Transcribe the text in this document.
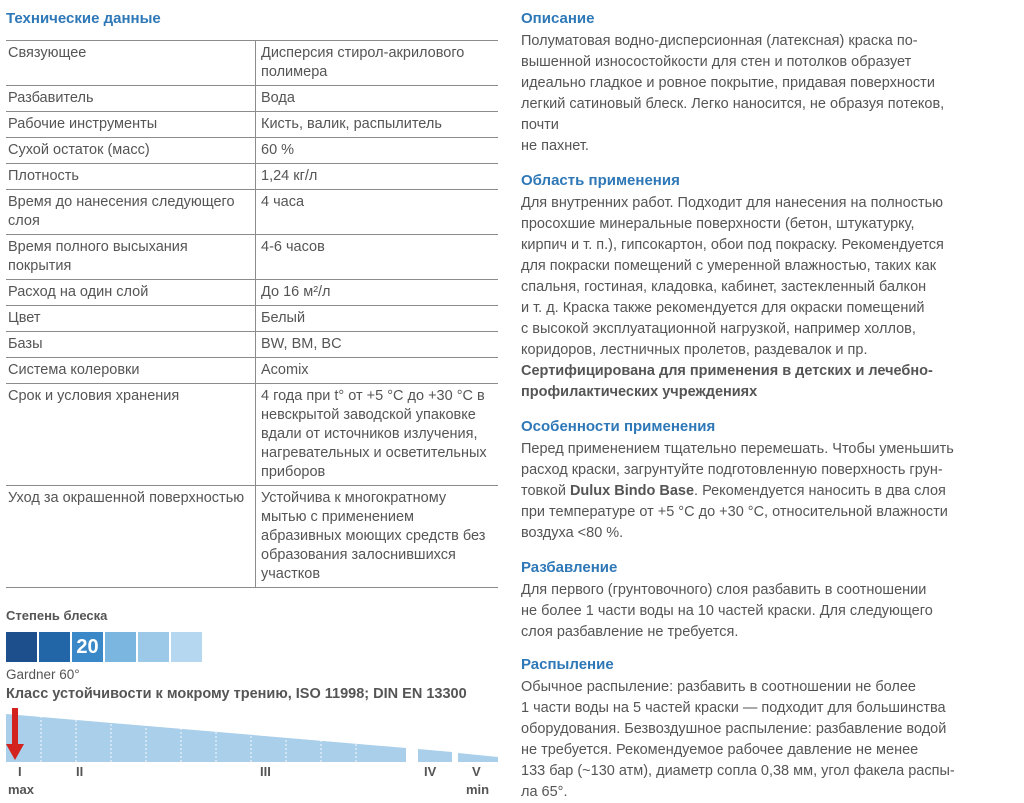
Технические данные
Связующее	Дисперсия стирол-акрилового полимера
Разбавитель	Вода
Рабочие инструменты	Кисть, валик, распылитель
Сухой остаток (масс)	60 %
Плотность	1,24 кг/л
Время до нанесения следующего слоя	4 часа
Время полного высыхания покрытия	4-6 часов
Расход на один слой	До 16 м²/л
Цвет	Белый
Базы	BW, BM, BC
Система колеровки	Acomix
Срок и условия хранения	4 года при t° от +5 °С до +30 °С в невскрытой заводской упаковке вдали от источников излучения, нагревательных и осветительных приборов
Уход за окрашенной поверхностью	Устойчива к многократному мытью с применением абразивных моющих средств без образования залоснившихся участков
Степень блеска
20
Gardner 60°
Класс устойчивости к мокрому трению, ISO 11998; DIN EN 13300
I	II	III	IV	V
max	min
Описание
Полуматовая водно-дисперсионная (латексная) краска по-
вышенной износостойкости для стен и потолков образует
идеально гладкое и ровное покрытие, придавая поверхности
легкий сатиновый блеск. Легко наносится, не образуя потеков,
почти
не пахнет.
Область применения
Для внутренних работ. Подходит для нанесения на полностью
просохшие минеральные поверхности (бетон, штукатурку,
кирпич и т. п.), гипсокартон, обои под покраску. Рекомендуется
для покраски помещений с умеренной влажностью, таких как
спальня, гостиная, кладовка, кабинет, застекленный балкон
и т. д. Краска также рекомендуется для окраски помещений
с высокой эксплуатационной нагрузкой, например холлов,
коридоров, лестничных пролетов, раздевалок и пр.
Сертифицирована для применения в детских и лечебно-
профилактических учреждениях
Особенности применения
Перед применением тщательно перемешать. Чтобы уменьшить
расход краски, загрунтуйте подготовленную поверхность грун-
товкой Dulux Bindo Base. Рекомендуется наносить в два слоя
при температуре от +5 °С до +30 °С, относительной влажности
воздуха <80 %.
Разбавление
Для первого (грунтовочного) слоя разбавить в соотношении
не более 1 части воды на 10 частей краски. Для следующего
слоя разбавление не требуется.
Распыление
Обычное распыление: разбавить в соотношении не более
1 части воды на 5 частей краски — подходит для большинства
оборудования. Безвоздушное распыление: разбавление водой
не требуется. Рекомендуемое рабочее давление не менее
133 бар (~130 атм), диаметр сопла 0,38 мм, угол факела распы-
ла 65°.
